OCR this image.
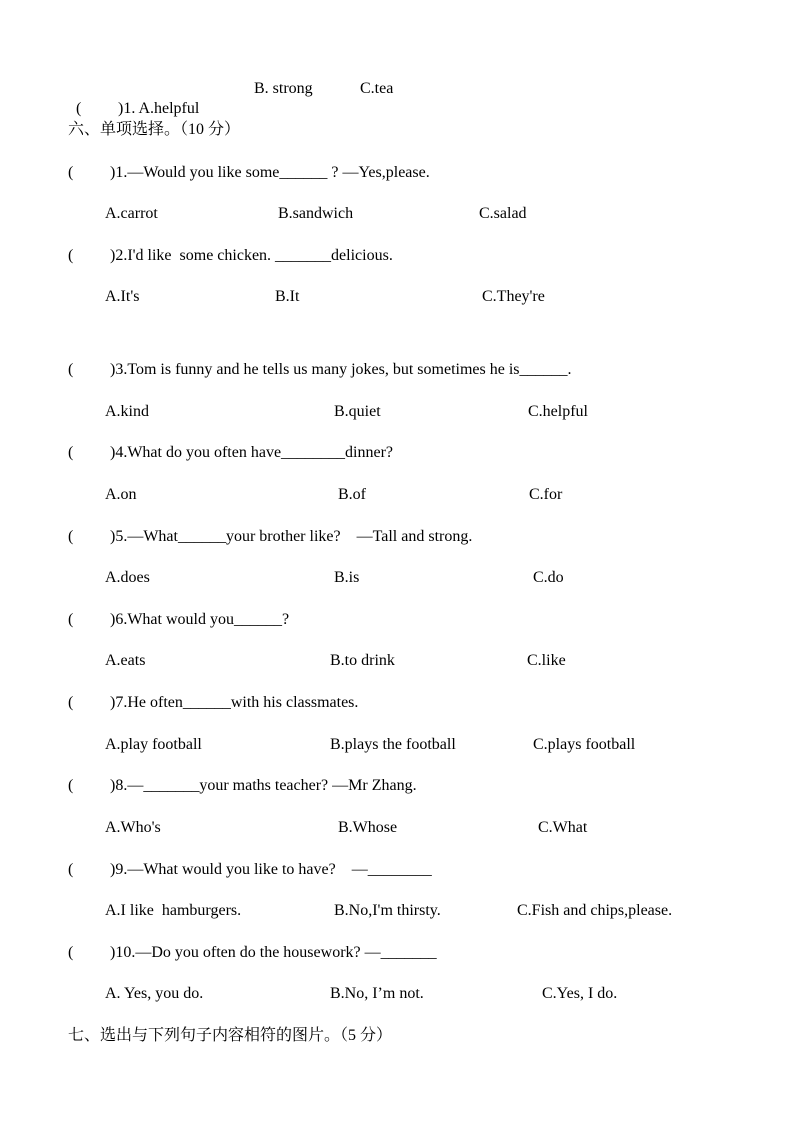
(	)1. A.helpful

B. strong	C.tea
六、单项选择。（10 分）
( )1.—Would you like some______ ? —Yes,please.
A.carrot	B.sandwich	C.salad
( )2.I'd like  some chicken. _______delicious.
A.It's	B.It	C.They're
( )3.Tom is funny and he tells us many jokes, but sometimes he is______.
A.kind	B.quiet	C.helpful
( )4.What do you often have________dinner?
A.on	B.of	C.for
( )5.—What______your brother like?    —Tall and strong.
A.does	B.is	C.do
( )6.What would you______?
A.eats	B.to drink	C.like
( )7.He often______with his classmates.
A.play football	B.plays the football	C.plays football
( )8.—_______your maths teacher? —Mr Zhang.
A.Who's	B.Whose	C.What
( )9.—What would you like to have?    —________
A.I like  hamburgers.	B.No,I'm thirsty.	C.Fish and chips,please.
( )10.—Do you often do the housework? —_______
A. Yes, you do.	B.No, I’m not.	C.Yes, I do.
七、选出与下列句子内容相符的图片。（5 分）
